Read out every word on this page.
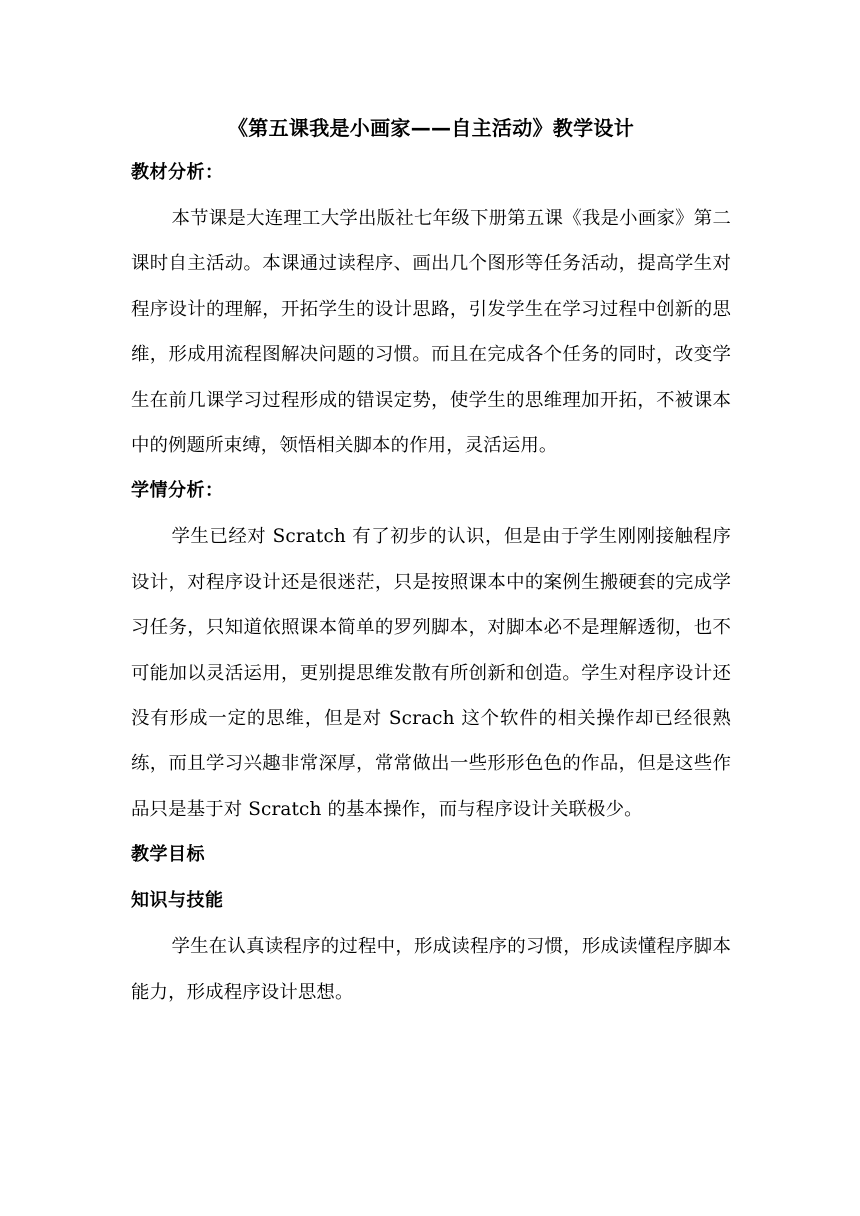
《第五课我是小画家——自主活动》教学设计
教材分析：

本节课是大连理工大学出版社七年级下册第五课《我是小画家》第二课时自主活动。本课通过读程序、画出几个图形等任务活动，提高学生对程序设计的理解，开拓学生的设计思路，引发学生在学习过程中创新的思维，形成用流程图解决问题的习惯。而且在完成各个任务的同时，改变学生在前几课学习过程形成的错误定势，使学生的思维理加开拓，不被课本中的例题所束缚，领悟相关脚本的作用，灵活运用。

学情分析：

学生已经对 Scratch 有了初步的认识，但是由于学生刚刚接触程序设计，对程序设计还是很迷茫，只是按照课本中的案例生搬硬套的完成学习任务，只知道依照课本简单的罗列脚本，对脚本必不是理解透彻，也不可能加以灵活运用，更别提思维发散有所创新和创造。学生对程序设计还没有形成一定的思维，但是对 Scrach 这个软件的相关操作却已经很熟练，而且学习兴趣非常深厚，常常做出一些形形色色的作品，但是这些作品只是基于对 Scratch 的基本操作，而与程序设计关联极少。

教学目标
知识与技能

学生在认真读程序的过程中，形成读程序的习惯，形成读懂程序脚本能力，形成程序设计思想。
